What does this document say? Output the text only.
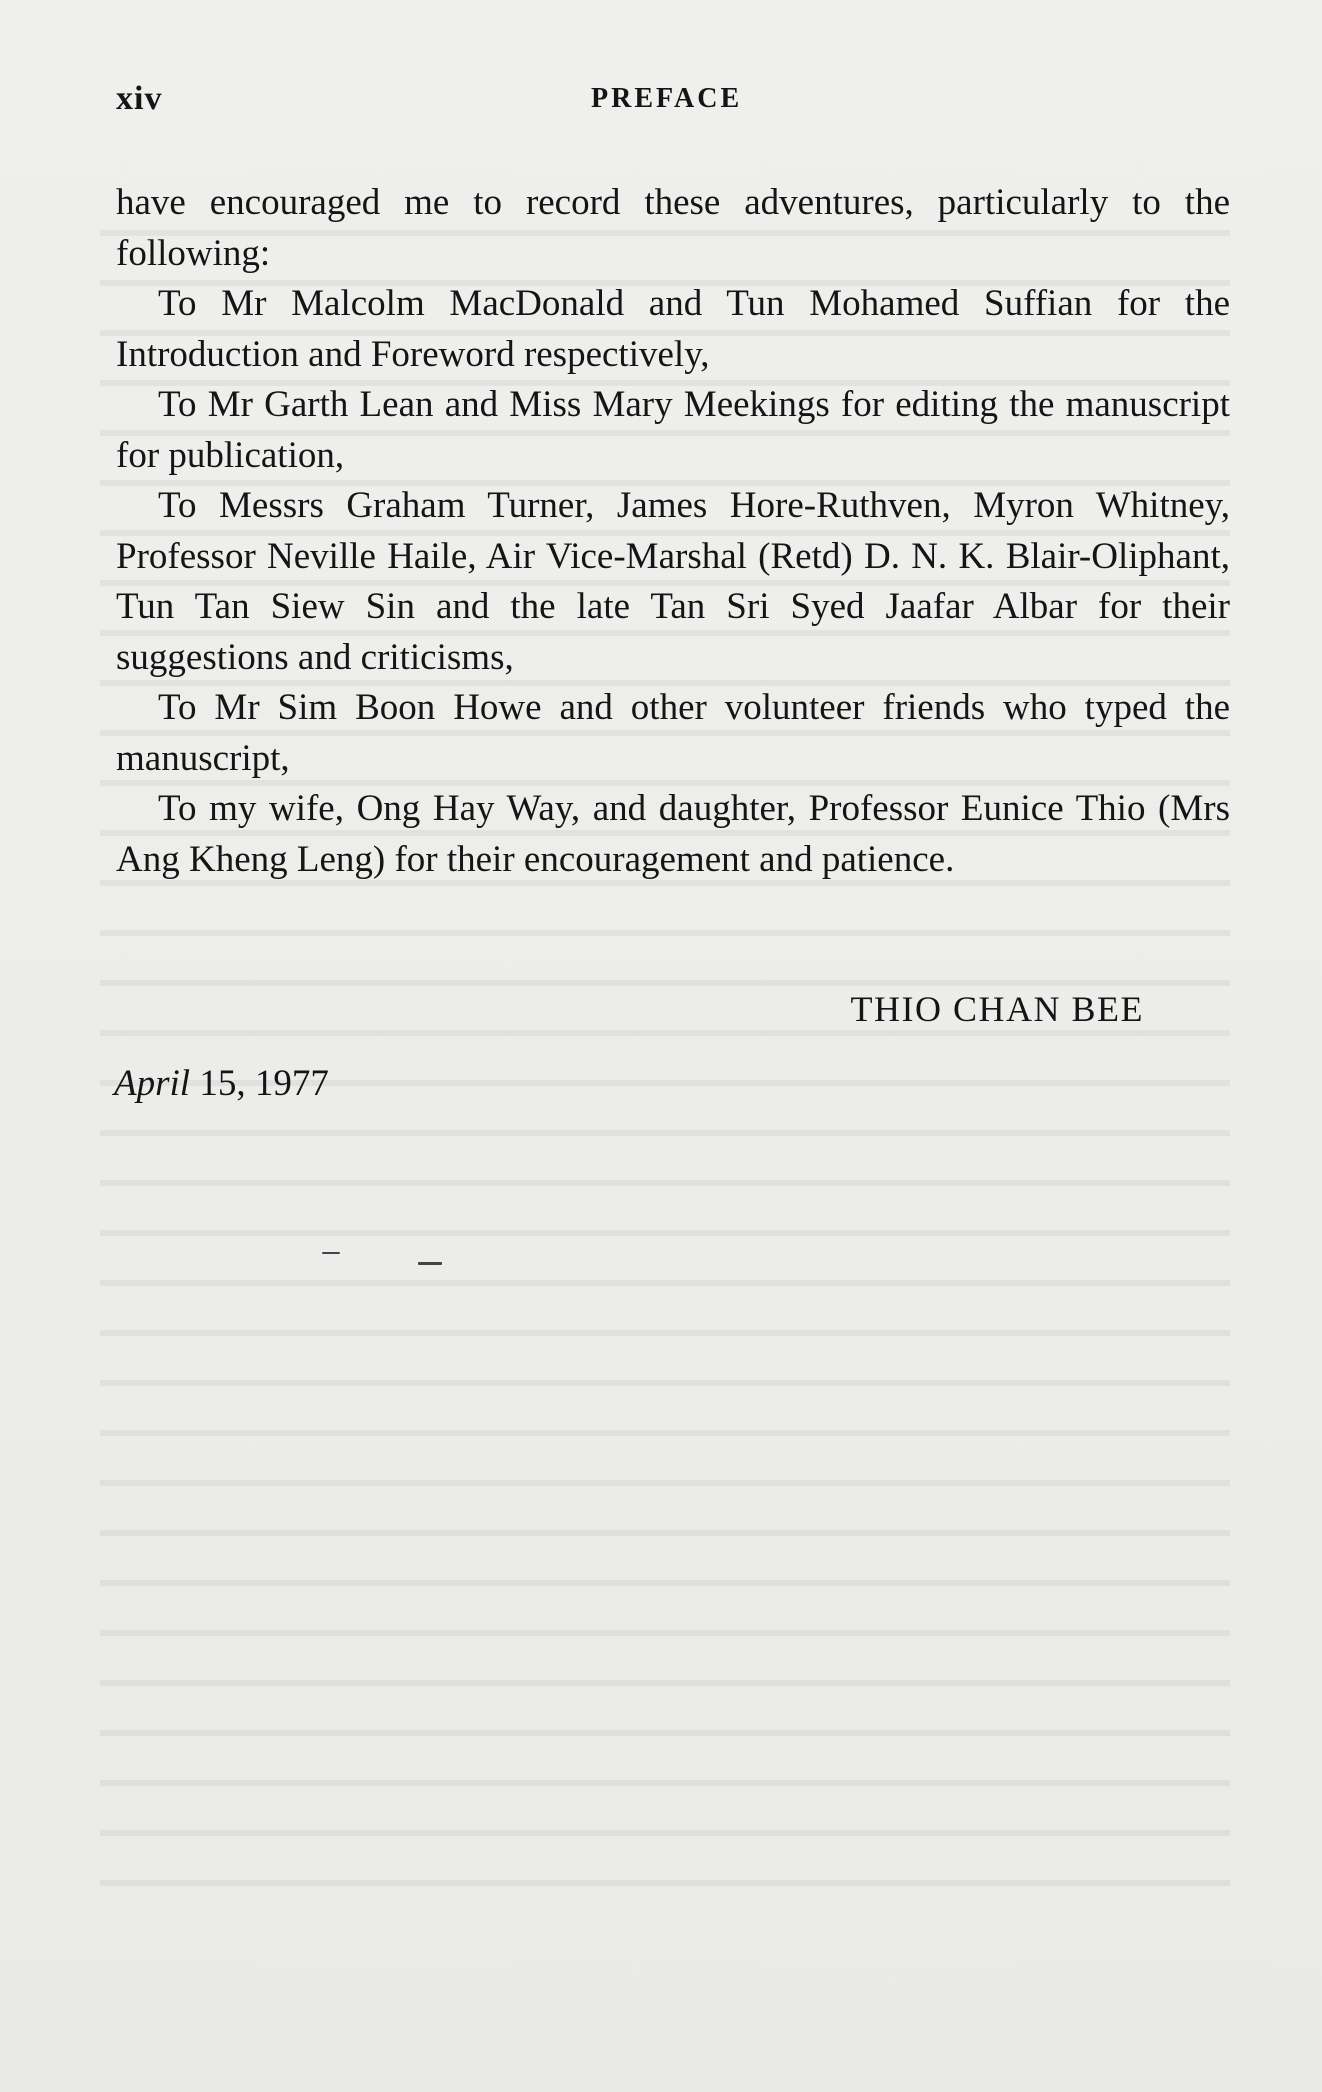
xiv	PREFACE

have encouraged me to record these adventures, particularly to the following:

To Mr Malcolm MacDonald and Tun Mohamed Suffian for the Introduction and Foreword respectively,

To Mr Garth Lean and Miss Mary Meekings for editing the manuscript for publication,

To Messrs Graham Turner, James Hore-Ruthven, Myron Whitney, Professor Neville Haile, Air Vice-Marshal (Retd) D. N. K. Blair-Oliphant, Tun Tan Siew Sin and the late Tan Sri Syed Jaafar Albar for their suggestions and criticisms,

To Mr Sim Boon Howe and other volunteer friends who typed the manuscript,

To my wife, Ong Hay Way, and daughter, Professor Eunice Thio (Mrs Ang Kheng Leng) for their encouragement and patience.

THIO CHAN BEE
April 15, 1977
